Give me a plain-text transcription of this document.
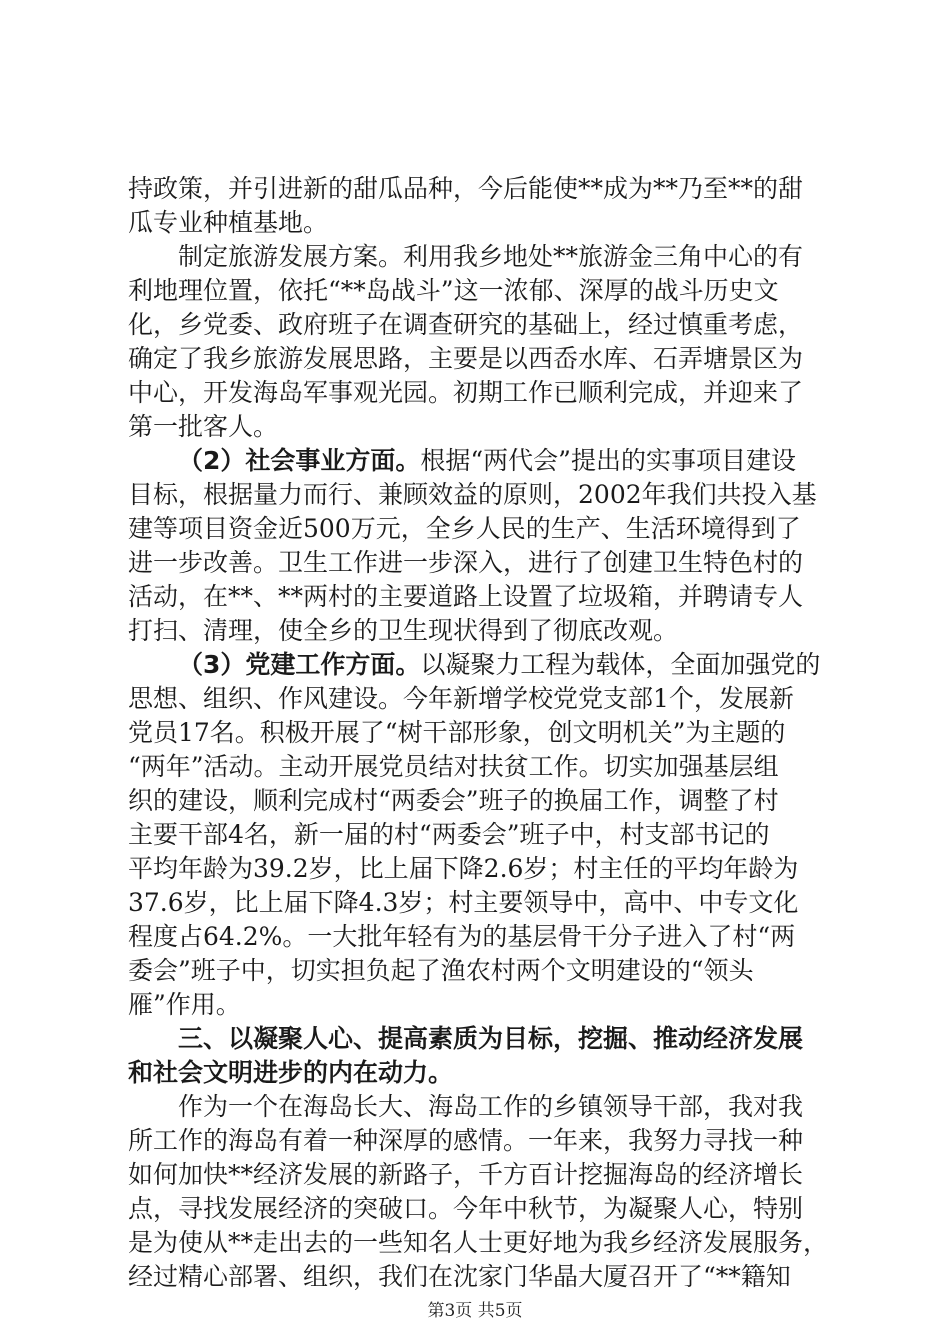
持政策，并引进新的甜瓜品种，今后能使**成为**乃至**的甜
瓜专业种植基地。
制定旅游发展方案。利用我乡地处**旅游金三角中心的有
利地理位置，依托“**岛战斗”这一浓郁、深厚的战斗历史文
化，乡党委、政府班子在调查研究的基础上，经过慎重考虑，
确定了我乡旅游发展思路，主要是以西岙水库、石弄塘景区为
中心，开发海岛军事观光园。初期工作已顺利完成，并迎来了
第一批客人。
（2）社会事业方面。根据“两代会”提出的实事项目建设
目标，根据量力而行、兼顾效益的原则，2002年我们共投入基
建等项目资金近500万元，全乡人民的生产、生活环境得到了
进一步改善。卫生工作进一步深入，进行了创建卫生特色村的
活动，在**、**两村的主要道路上设置了垃圾箱，并聘请专人
打扫、清理，使全乡的卫生现状得到了彻底改观。
（3）党建工作方面。以凝聚力工程为载体，全面加强党的
思想、组织、作风建设。今年新增学校党党支部1个，发展新
党员17名。积极开展了“树干部形象，创文明机关”为主题的
“两年”活动。主动开展党员结对扶贫工作。切实加强基层组
织的建设，顺利完成村“两委会”班子的换届工作，调整了村
主要干部4名，新一届的村“两委会”班子中，村支部书记的
平均年龄为39.2岁，比上届下降2.6岁；村主任的平均年龄为
37.6岁，比上届下降4.3岁；村主要领导中，高中、中专文化
程度占64.2%。一大批年轻有为的基层骨干分子进入了村“两
委会”班子中，切实担负起了渔农村两个文明建设的“领头
雁”作用。
三、以凝聚人心、提高素质为目标，挖掘、推动经济发展
和社会文明进步的内在动力。
作为一个在海岛长大、海岛工作的乡镇领导干部，我对我
所工作的海岛有着一种深厚的感情。一年来，我努力寻找一种
如何加快**经济发展的新路子，千方百计挖掘海岛的经济增长
点，寻找发展经济的突破口。今年中秋节，为凝聚人心，特别
是为使从**走出去的一些知名人士更好地为我乡经济发展服务，
经过精心部署、组织，我们在沈家门华晶大厦召开了“**籍知
第3页 共5页
